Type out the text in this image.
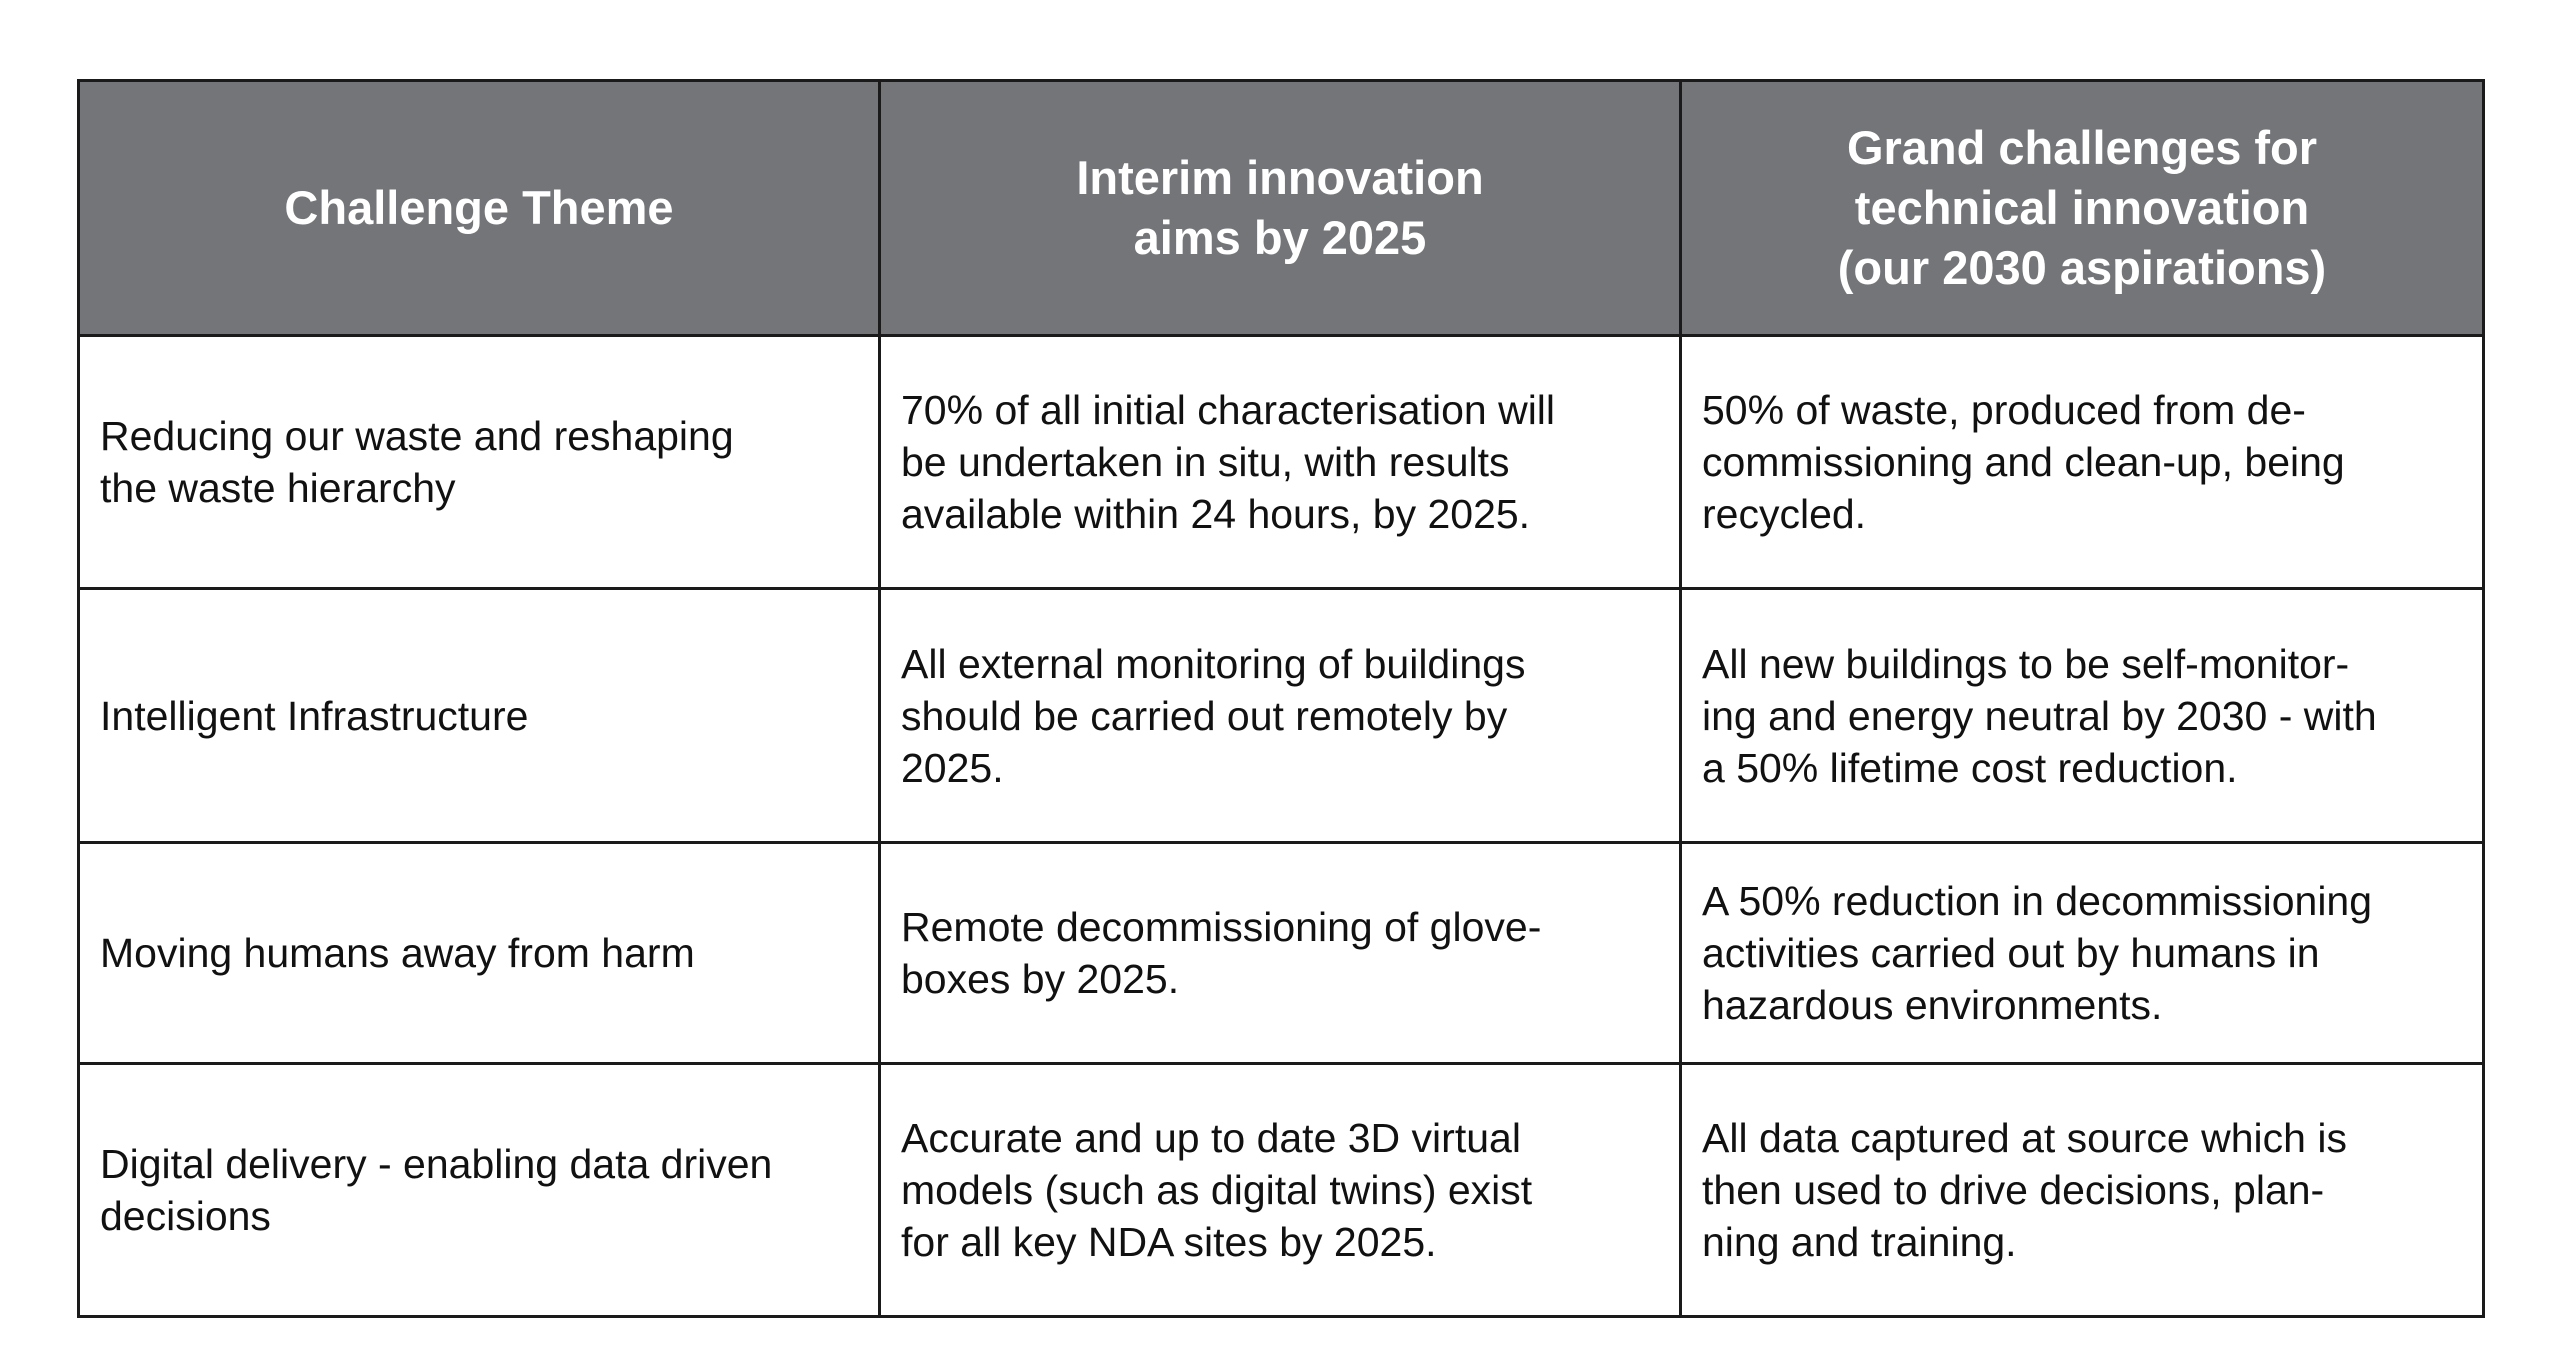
Challenge Theme	Interim innovation
aims by 2025	Grand challenges for
technical innovation
(our 2030 aspirations)

Reducing our waste and reshaping
the waste hierarchy	70% of all initial characterisation will
be undertaken in situ, with results
available within 24 hours, by 2025.	50% of waste, produced from de-
commissioning and clean-up, being
recycled.

Intelligent Infrastructure	All external monitoring of buildings
should be carried out remotely by
2025.	All new buildings to be self-monitor-
ing and energy neutral by 2030 - with
a 50% lifetime cost reduction.

Moving humans away from harm	Remote decommissioning of glove-
boxes by 2025.	A 50% reduction in decommissioning
activities carried out by humans in
hazardous environments.

Digital delivery - enabling data driven
decisions	Accurate and up to date 3D virtual
models (such as digital twins) exist
for all key NDA sites by 2025.	All data captured at source which is
then used to drive decisions, plan-
ning and training.
